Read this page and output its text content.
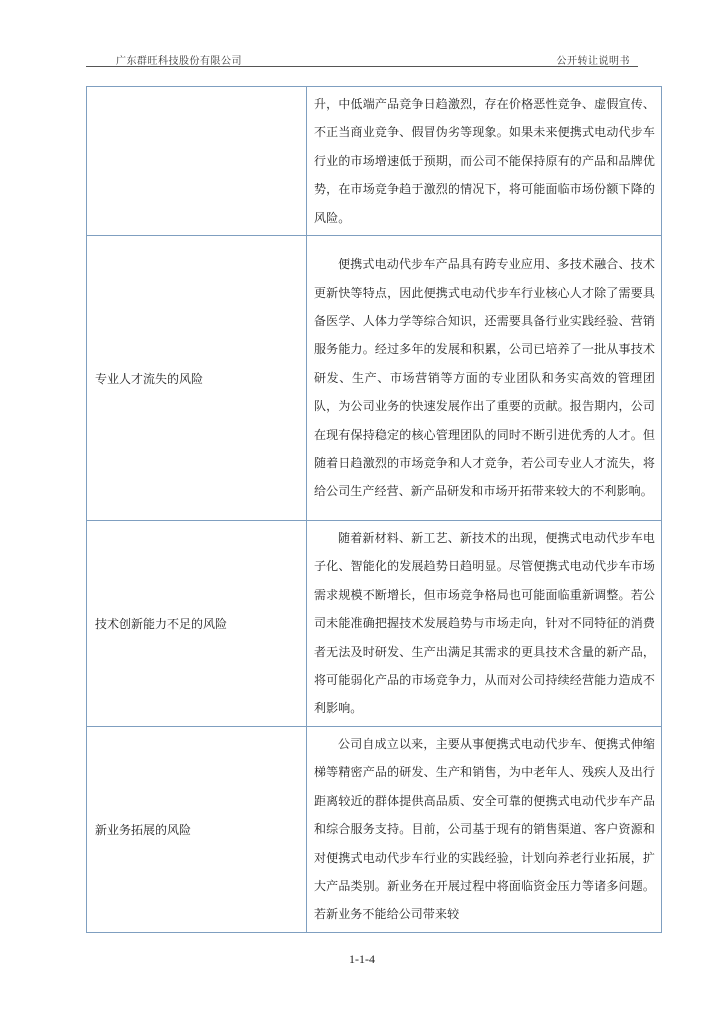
广东群旺科技股份有限公司	公开转让说明书

	升，中低端产品竞争日趋激烈，存在价格恶性竞争、虚假宣传、不正当商业竞争、假冒伪劣等现象。如果未来便携式电动代步车行业的市场增速低于预期，而公司不能保持原有的产品和品牌优势，在市场竞争趋于激烈的情况下，将可能面临市场份额下降的风险。

专业人才流失的风险	便携式电动代步车产品具有跨专业应用、多技术融合、技术更新快等特点，因此便携式电动代步车行业核心人才除了需要具备医学、人体力学等综合知识，还需要具备行业实践经验、营销服务能力。经过多年的发展和积累，公司已培养了一批从事技术研发、生产、市场营销等方面的专业团队和务实高效的管理团队，为公司业务的快速发展作出了重要的贡献。报告期内，公司在现有保持稳定的核心管理团队的同时不断引进优秀的人才。但随着日趋激烈的市场竞争和人才竞争，若公司专业人才流失，将给公司生产经营、新产品研发和市场开拓带来较大的不利影响。

技术创新能力不足的风险	随着新材料、新工艺、新技术的出现，便携式电动代步车电子化、智能化的发展趋势日趋明显。尽管便携式电动代步车市场需求规模不断增长，但市场竞争格局也可能面临重新调整。若公司未能准确把握技术发展趋势与市场走向，针对不同特征的消费者无法及时研发、生产出满足其需求的更具技术含量的新产品，将可能弱化产品的市场竞争力，从而对公司持续经营能力造成不利影响。

新业务拓展的风险	公司自成立以来，主要从事便携式电动代步车、便携式伸缩梯等精密产品的研发、生产和销售，为中老年人、残疾人及出行距离较近的群体提供高品质、安全可靠的便携式电动代步车产品和综合服务支持。目前，公司基于现有的销售渠道、客户资源和对便携式电动代步车行业的实践经验，计划向养老行业拓展，扩大产品类别。新业务在开展过程中将面临资金压力等诸多问题。若新业务不能给公司带来较

1-1-4
